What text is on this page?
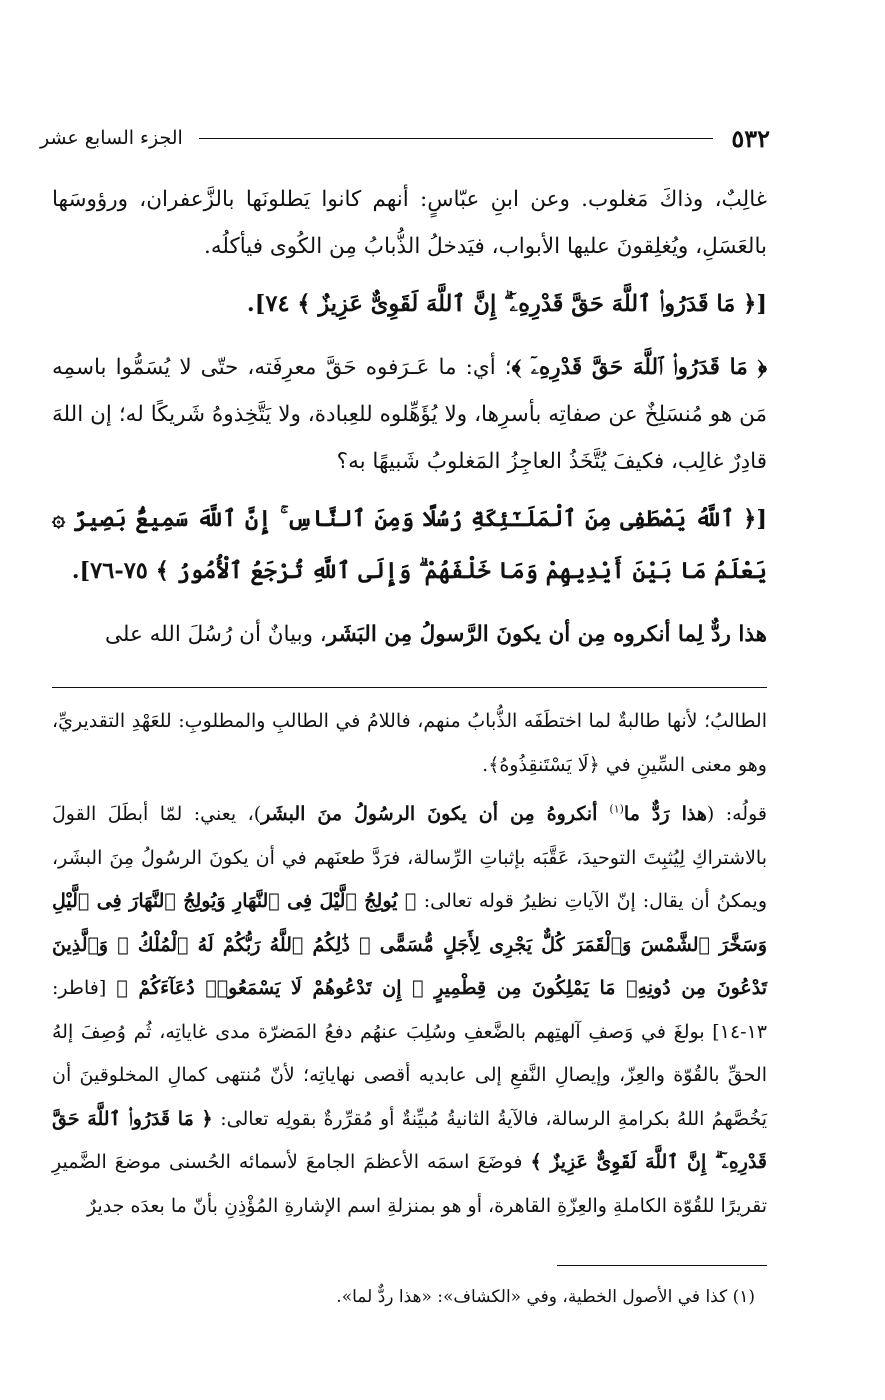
٥٣٢
الجزء السابع عشر

غالِبٌ، وذاكَ مَغلوب. وعن ابنِ عبّاسٍ: أنهم كانوا يَطلونَها بالزَّعفران، ورؤوسَها بالعَسَلِ، ويُغلِقونَ عليها الأبواب، فيَدخلُ الذُّبابُ مِن الكُوى فيأكلُه.

[﴿ مَا قَدَرُوا۟ ٱللَّهَ حَقَّ قَدْرِهِۦٓ ۗ إِنَّ ٱللَّهَ لَقَوِىٌّ عَزِيزٌ ﴾ ٧٤].

﴿ مَا قَدَرُوا۟ ٱللَّهَ حَقَّ قَدْرِهِۦٓ ﴾؛ أي: ما عَـرَفوه حَقَّ معرِفَته، حتّى لا يُسَمُّوا باسمِه مَن هو مُنسَلِخٌ عن صفاتِه بأسرِها، ولا يُؤَهِّلوه للعِبادة، ولا يَتَّخِذوهُ شَريكًا له؛ إن اللهَ قادِرٌ غالِب، فكيفَ يُتَّخَذُ العاجِزُ المَغلوبُ شَبيهًا به؟

[﴿ ٱللَّهُ يَصْطَفِى مِنَ ٱلْمَلَـٰٓئِكَةِ رُسُلًا وَمِنَ ٱلنَّاسِ ۚ إِنَّ ٱللَّهَ سَمِيعٌۢ بَصِيرٌ ۞ يَعْلَمُ مَا بَيْنَ أَيْدِيهِمْ وَمَا خَلْفَهُمْ ۗ وَإِلَى ٱللَّهِ تُرْجَعُ ٱلْأُمُورُ ﴾ ٧٥-٧٦].

هذا ردٌّ لِما أنكروه مِن أن يكونَ الرَّسولُ مِن البَشَر، وبيانٌ أن رُسُلَ الله على

الطالبُ؛ لأنها طالبةٌ لما اختطَفَه الذُّبابُ منهم، فاللامُ في الطالبِ والمطلوبِ: للعَهْدِ التقديريِّ، وهو معنى السِّينِ في ﴿لَا يَسْتَنقِذُوهُ﴾.

قولُه: (هذا رَدٌّ ما$^{(١)}$ أنكروهُ مِن أن يكونَ الرسُولُ منَ البشَر)، يعني: لمّا أبطَلَ القولَ بالاشتراكِ لِيُثبِتَ التوحيدَ، عَقَّبَه بإثباتِ الرِّسالة، فرَدَّ طعنَهم في أن يكونَ الرسُولُ مِنَ البشَر، ويمكنُ أن يقال: إنّ الآياتِ نظيرُ قوله تعالى: ﴿ يُولِجُ ٱلَّيْلَ فِى ٱلنَّهَارِ وَيُولِجُ ٱلنَّهَارَ فِى ٱلَّيْلِ وَسَخَّرَ ٱلشَّمْسَ وَٱلْقَمَرَ كُلٌّ يَجْرِى لِأَجَلٍ مُّسَمًّى ۚ ذَٰلِكُمُ ٱللَّهُ رَبُّكُمْ لَهُ ٱلْمُلْكُ ۚ وَٱلَّذِينَ تَدْعُونَ مِن دُونِهِۦ مَا يَمْلِكُونَ مِن قِطْمِيرٍ ۞ إِن تَدْعُوهُمْ لَا يَسْمَعُوا۟ دُعَآءَكُمْ ﴾ [فاطر: ١٣-١٤] بولغَ في وَصفِ آلهتِهم بالضَّعفِ وسُلِبَ عنهُم دفعُ المَضرّة مدى غاياتِه، ثُم وُصِفَ إلهُ الحقِّ بالقُوّة والعِزّ، وإيصالِ النَّفعِ إلى عابديه أقصى نهاياتِه؛ لأنّ مُنتهى كمالِ المخلوقينَ أن يَخُصَّهمُ اللهُ بكرامةِ الرسالة، فالآيةُ الثانيةُ مُبيِّنةٌ أو مُقرِّرةٌ بقولِه تعالى: ﴿ مَا قَدَرُوا۟ ٱللَّهَ حَقَّ قَدْرِهِۦٓ ۗ إِنَّ ٱللَّهَ لَقَوِىٌّ عَزِيزٌ ﴾ فوضَعَ اسمَه الأعظمَ الجامعَ لأسمائه الحُسنى موضعَ الضَّميرِ تقريرًا للقُوّة الكاملةِ والعِزّةِ القاهرة، أو هو بمنزلةِ اسم الإشارةِ المُؤْذِنِ بأنّ ما بعدَه جديرٌ

(١) كذا في الأصول الخطية، وفي «الكشاف»: «هذا ردٌّ لما».
